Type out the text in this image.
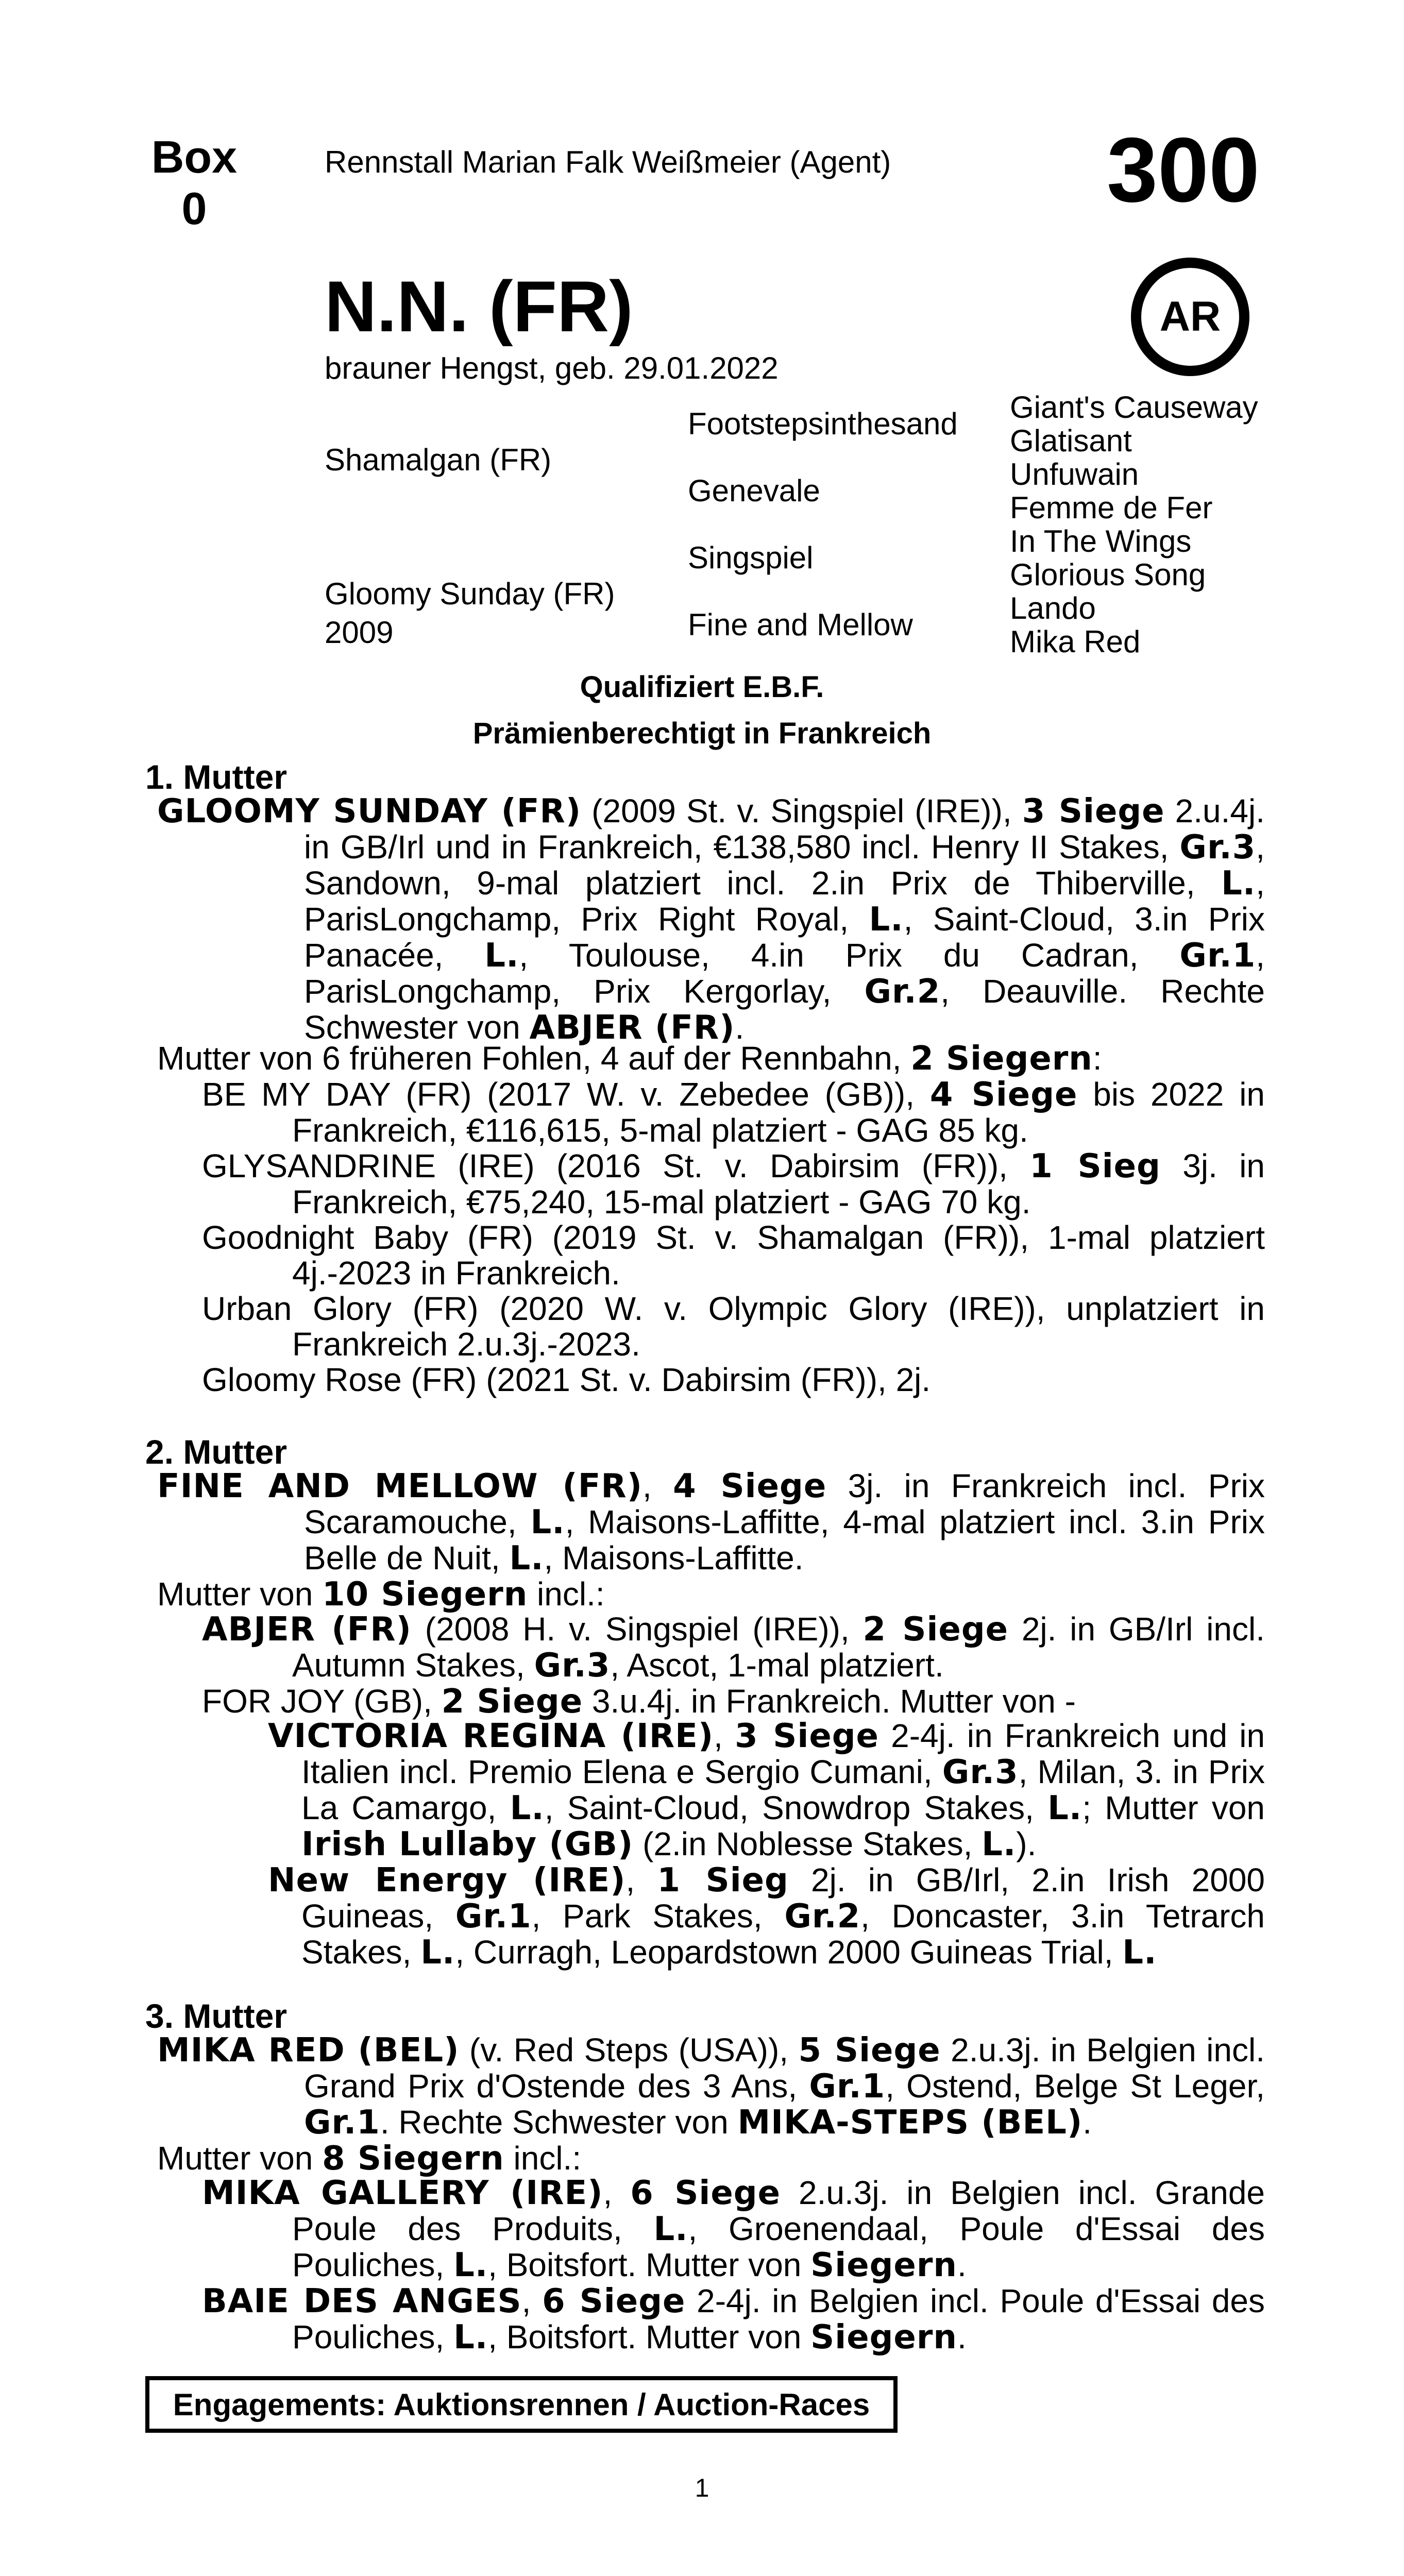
Box
0
Rennstall Marian Falk Weißmeier (Agent) 300
AR
N.N. (FR)
brauner Hengst, geb. 29.01.2022
Shamalgan (FR)
Gloomy Sunday (FR)
2009
Footstepsinthesand
Genevale
Singspiel
Fine and Mellow
Giant's Causeway
Glatisant
Unfuwain
Femme de Fer
In The Wings
Glorious Song
Lando
Mika Red
Qualifiziert E.B.F.
Prämienberechtigt in Frankreich
1. Mutter
GLOOMY SUNDAY (FR) (2009 St. v. Singspiel (IRE)), 3 Siege 2.u.4j. in GB/Irl und in Frankreich, €138,580 incl. Henry II Stakes, Gr.3, Sandown, 9-mal platziert incl. 2.in Prix de Thiberville, L., ParisLongchamp, Prix Right Royal, L., Saint-Cloud, 3.in Prix Panacée, L., Toulouse, 4.in Prix du Cadran, Gr.1, ParisLongchamp, Prix Kergorlay, Gr.2, Deauville. Rechte Schwester von ABJER (FR).
Mutter von 6 früheren Fohlen, 4 auf der Rennbahn, 2 Siegern:
BE MY DAY (FR) (2017 W. v. Zebedee (GB)), 4 Siege bis 2022 in Frankreich, €116,615, 5-mal platziert - GAG 85 kg.
GLYSANDRINE (IRE) (2016 St. v. Dabirsim (FR)), 1 Sieg 3j. in Frankreich, €75,240, 15-mal platziert - GAG 70 kg.
Goodnight Baby (FR) (2019 St. v. Shamalgan (FR)), 1-mal platziert 4j.-2023 in Frankreich.
Urban Glory (FR) (2020 W. v. Olympic Glory (IRE)), unplatziert in Frankreich 2.u.3j.-2023.
Gloomy Rose (FR) (2021 St. v. Dabirsim (FR)), 2j.
2. Mutter
FINE AND MELLOW (FR), 4 Siege 3j. in Frankreich incl. Prix Scaramouche, L., Maisons-Laffitte, 4-mal platziert incl. 3.in Prix Belle de Nuit, L., Maisons-Laffitte.
Mutter von 10 Siegern incl.:
ABJER (FR) (2008 H. v. Singspiel (IRE)), 2 Siege 2j. in GB/Irl incl. Autumn Stakes, Gr.3, Ascot, 1-mal platziert.
FOR JOY (GB), 2 Siege 3.u.4j. in Frankreich. Mutter von -
VICTORIA REGINA (IRE), 3 Siege 2-4j. in Frankreich und in Italien incl. Premio Elena e Sergio Cumani, Gr.3, Milan, 3. in Prix La Camargo, L., Saint-Cloud, Snowdrop Stakes, L.; Mutter von Irish Lullaby (GB) (2.in Noblesse Stakes, L.).
New Energy (IRE), 1 Sieg 2j. in GB/Irl, 2.in Irish 2000 Guineas, Gr.1, Park Stakes, Gr.2, Doncaster, 3.in Tetrarch Stakes, L., Curragh, Leopardstown 2000 Guineas Trial, L.
3. Mutter
MIKA RED (BEL) (v. Red Steps (USA)), 5 Siege 2.u.3j. in Belgien incl. Grand Prix d'Ostende des 3 Ans, Gr.1, Ostend, Belge St Leger, Gr.1. Rechte Schwester von MIKA-STEPS (BEL).
Mutter von 8 Siegern incl.:
MIKA GALLERY (IRE), 6 Siege 2.u.3j. in Belgien incl. Grande Poule des Produits, L., Groenendaal, Poule d'Essai des Pouliches, L., Boitsfort. Mutter von Siegern.
BAIE DES ANGES, 6 Siege 2-4j. in Belgien incl. Poule d'Essai des Pouliches, L., Boitsfort. Mutter von Siegern.
Engagements: Auktionsrennen / Auction-Races
1
